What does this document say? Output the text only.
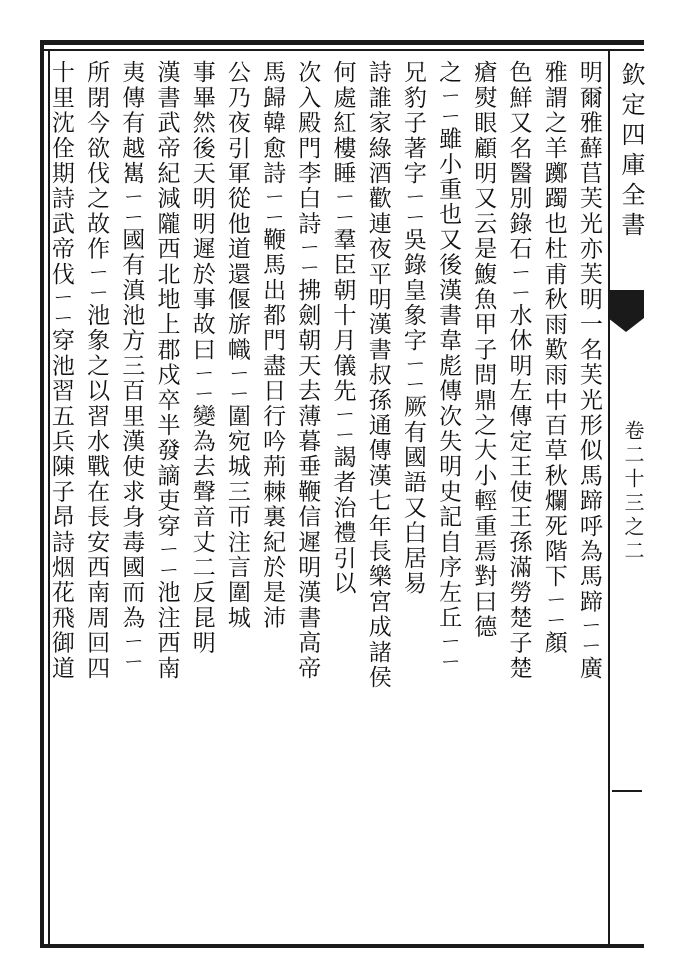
欽定四庫全書
卷二十三之二
明爾雅蘚苢芙光亦芙明一名芙光形似馬蹄呼為馬蹄ㄧㄧ廣
雅謂之羊躑躅也杜甫秋雨歎雨中百草秋爛死階下ㄧㄧ顏
色鮮又名醫別錄石ㄧㄧ水休明左傳定王使王孫滿勞楚子楚
瘡熨眼顧明又云是鰒魚甲子問鼎之大小輕重焉對曰德
之ㄧㄧ雖小重也又後漢書韋彪傳次失明史記自序左丘ㄧㄧ
兄豹子著字ㄧㄧ吳錄皇象字ㄧㄧ厥有國語又白居易
詩誰家綠酒歡連夜平明漢書叔孫通傳漢七年長樂宮成諸侯
何處紅樓睡ㄧㄧ羣臣朝十月儀先ㄧㄧ謁者治禮引以
次入殿門李白詩ㄧㄧ拂劍朝天去薄暮垂鞭信遲明漢書高帝
馬歸韓愈詩ㄧㄧ鞭馬出都門盡日行吟荊棘裏紀於是沛
公乃夜引軍從他道還偃旂幟ㄧㄧ圍宛城三帀注言圍城
事畢然後天明明遲於事故曰ㄧㄧ變為去聲音丈二反昆明
漢書武帝紀減隴西北地上郡戍卒半發謫吏穿ㄧㄧ池注西南
夷傳有越嶲ㄧㄧ國有滇池方三百里漢使求身毒國而為ㄧㄧ
所閉今欲伐之故作ㄧㄧ池象之以習水戰在長安西南周回四
十里沈佺期詩武帝伐ㄧㄧ穿池習五兵陳子昂詩烟花飛御道
